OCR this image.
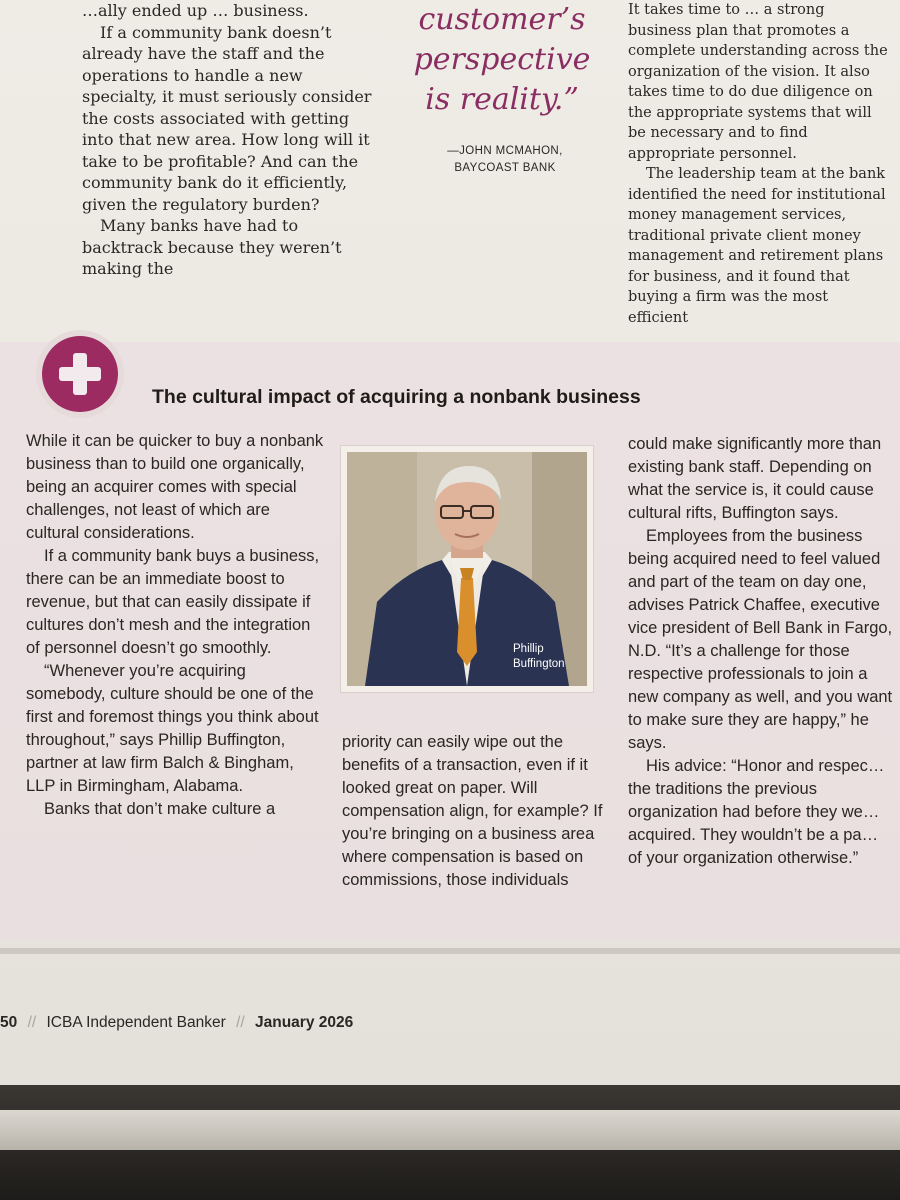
…ally ended up … business.

If a community bank doesn’t already have the staff and the operations to handle a new specialty, it must seriously consider the costs associated with getting into that new area. How long will it take to be profitable? And can the community bank do it efficiently, given the regulatory burden?

Many banks have had to backtrack because they weren’t making the

customer’s perspective is reality.”
—JOHN MCMAHON,
BAYCOAST BANK

It takes time to … a strong business plan that promotes a complete understanding across the organization of the vision. It also takes time to do due diligence on the appropriate systems that will be necessary and to find appropriate personnel.

The leadership team at the bank identified the need for institutional money management services, traditional private client money management and retirement plans for business, and it found that buying a firm was the most efficient

The cultural impact of acquiring a nonbank business

While it can be quicker to buy a nonbank business than to build one organically, being an acquirer comes with special challenges, not least of which are cultural considerations.

If a community bank buys a business, there can be an immediate boost to revenue, but that can easily dissipate if cultures don’t mesh and the integration of personnel doesn’t go smoothly.

“Whenever you’re acquiring somebody, culture should be one of the first and foremost things you think about throughout,” says Phillip Buffington, partner at law firm Balch & Bingham, LLP in Birmingham, Alabama.

Banks that don’t make culture a

Phillip
Buffington

priority can easily wipe out the benefits of a transaction, even if it looked great on paper. Will compensation align, for example? If you’re bringing on a business area where compensation is based on commissions, those individuals

could make significantly more than existing bank staff. Depending on what the service is, it could cause cultural rifts, Buffington says.

Employees from the business being acquired need to feel valued and part of the team on day one, advises Patrick Chaffee, executive vice president of Bell Bank in Fargo, N.D. “It’s a challenge for those respective professionals to join a new company as well, and you want to make sure they are happy,” he says.

His advice: “Honor and respec… the traditions the previous organization had before they we… acquired. They wouldn’t be a pa… of your organization otherwise.”

50 // ICBA Independent Banker // January 2026
